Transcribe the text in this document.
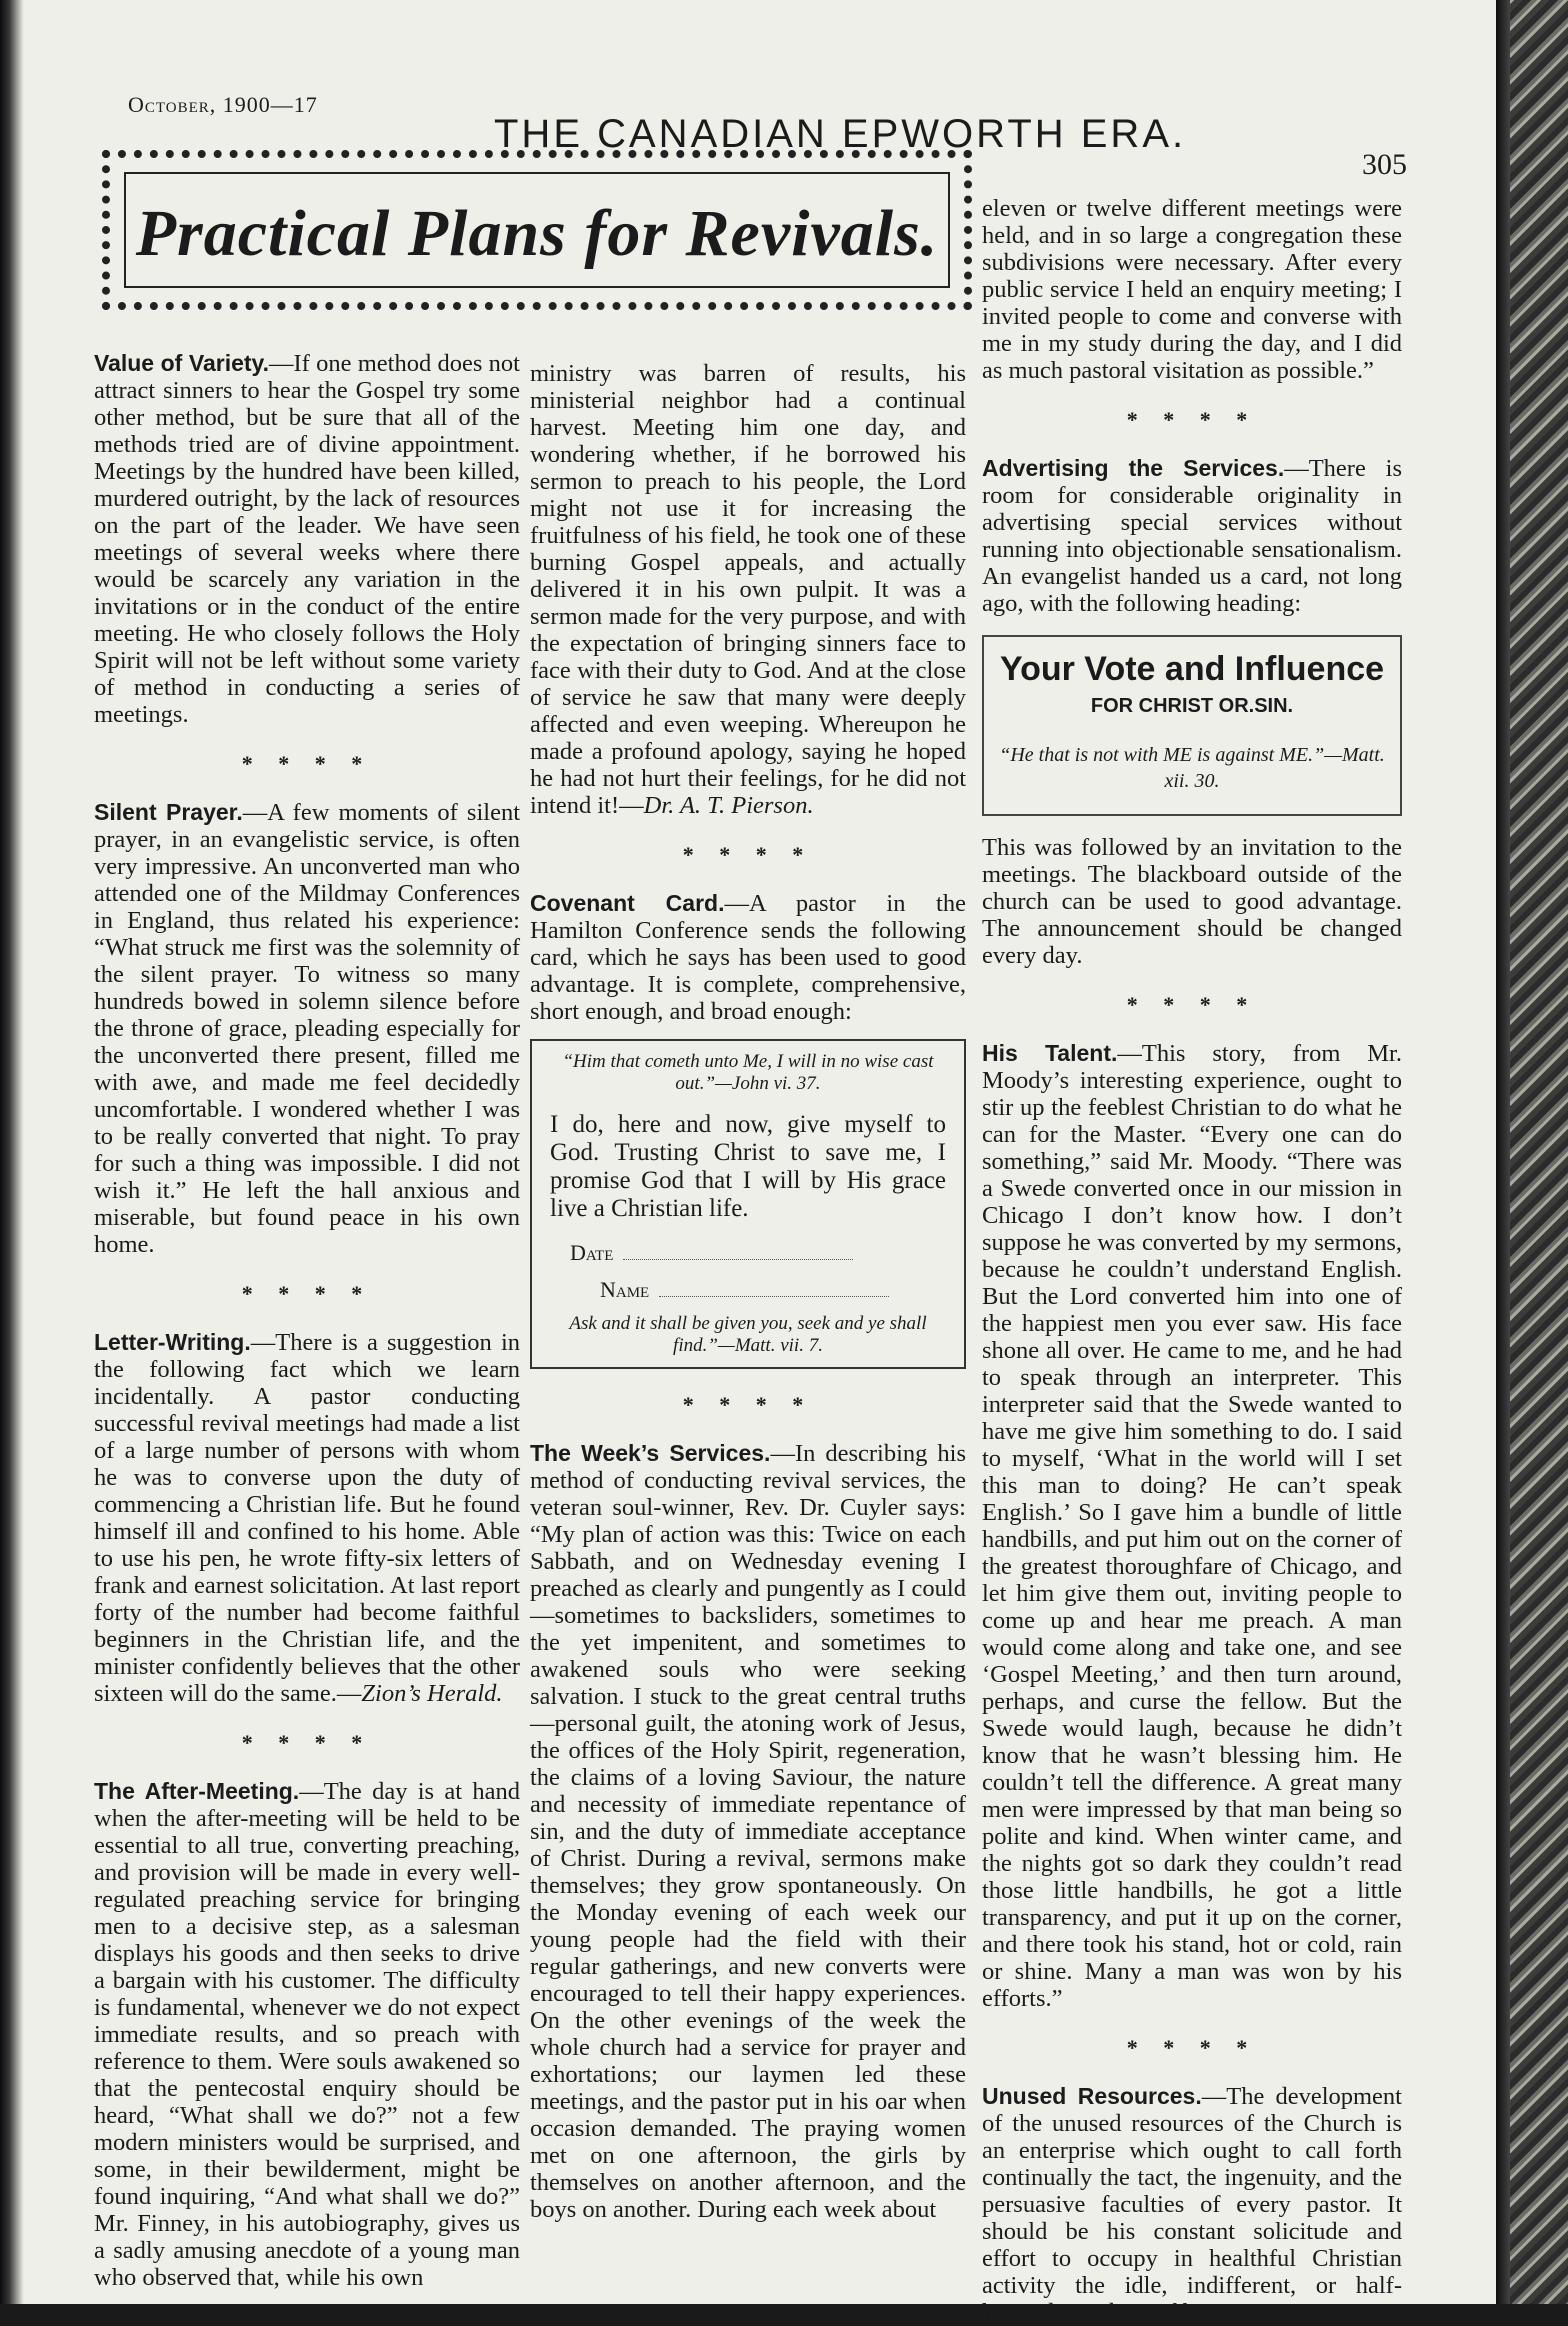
October, 1900—17
THE CANADIAN EPWORTH ERA.
305
Practical Plans for Revivals.

Value of Variety.—If one method does not attract sinners to hear the Gospel try some other method, but be sure that all of the methods tried are of divine appointment. Meetings by the hundred have been killed, murdered outright, by the lack of resources on the part of the leader. We have seen meetings of several weeks where there would be scarcely any variation in the invitations or in the conduct of the entire meeting. He who closely follows the Holy Spirit will not be left without some variety of method in conducting a series of meetings.

* * * *

Silent Prayer.—A few moments of silent prayer, in an evangelistic service, is often very impressive. An unconverted man who attended one of the Mildmay Conferences in England, thus related his experience: “What struck me first was the solemnity of the silent prayer. To witness so many hundreds bowed in solemn silence before the throne of grace, pleading especially for the unconverted there present, filled me with awe, and made me feel decidedly uncomfortable. I wondered whether I was to be really converted that night. To pray for such a thing was impossible. I did not wish it.” He left the hall anxious and miserable, but found peace in his own home.

* * * *

Letter-Writing.—There is a suggestion in the following fact which we learn incidentally. A pastor conducting successful revival meetings had made a list of a large number of persons with whom he was to converse upon the duty of commencing a Christian life. But he found himself ill and confined to his home. Able to use his pen, he wrote fifty-six letters of frank and earnest solicitation. At last report forty of the number had become faithful beginners in the Christian life, and the minister confidently believes that the other sixteen will do the same.—Zion’s Herald.

* * * *

The After-Meeting.—The day is at hand when the after-meeting will be held to be essential to all true, converting preaching, and provision will be made in every well-regulated preaching service for bringing men to a decisive step, as a salesman displays his goods and then seeks to drive a bargain with his customer. The difficulty is fundamental, whenever we do not expect immediate results, and so preach with reference to them. Were souls awakened so that the pentecostal enquiry should be heard, “What shall we do?” not a few modern ministers would be surprised, and some, in their bewilderment, might be found inquiring, “And what shall we do?” Mr. Finney, in his autobiography, gives us a sadly amusing anecdote of a young man who observed that, while his own

ministry was barren of results, his ministerial neighbor had a continual harvest. Meeting him one day, and wondering whether, if he borrowed his sermon to preach to his people, the Lord might not use it for increasing the fruitfulness of his field, he took one of these burning Gospel appeals, and actually delivered it in his own pulpit. It was a sermon made for the very purpose, and with the expectation of bringing sinners face to face with their duty to God. And at the close of service he saw that many were deeply affected and even weeping. Whereupon he made a profound apology, saying he hoped he had not hurt their feelings, for he did not intend it!—Dr. A. T. Pierson.

* * * *

Covenant Card.—A pastor in the Hamilton Conference sends the following card, which he says has been used to good advantage. It is complete, comprehensive, short enough, and broad enough:

“Him that cometh unto Me, I will in no wise cast out.”—John vi. 37.
I do, here and now, give myself to God. Trusting Christ to save me, I promise God that I will by His grace live a Christian life.
Date
Name
Ask and it shall be given you, seek and ye shall find.”—Matt. vii. 7.
* * * *

The Week’s Services.—In describing his method of conducting revival services, the veteran soul-winner, Rev. Dr. Cuyler says: “My plan of action was this: Twice on each Sabbath, and on Wednesday evening I preached as clearly and pungently as I could—sometimes to backsliders, sometimes to the yet impenitent, and sometimes to awakened souls who were seeking salvation. I stuck to the great central truths—personal guilt, the atoning work of Jesus, the offices of the Holy Spirit, regeneration, the claims of a loving Saviour, the nature and necessity of immediate repentance of sin, and the duty of immediate acceptance of Christ. During a revival, sermons make themselves; they grow spontaneously. On the Monday evening of each week our young people had the field with their regular gatherings, and new converts were encouraged to tell their happy experiences. On the other evenings of the week the whole church had a service for prayer and exhortations; our laymen led these meetings, and the pastor put in his oar when occasion demanded. The praying women met on one afternoon, the girls by themselves on another afternoon, and the boys on another. During each week about

eleven or twelve different meetings were held, and in so large a congregation these subdivisions were necessary. After every public service I held an enquiry meeting; I invited people to come and converse with me in my study during the day, and I did as much pastoral visitation as possible.”

* * * *

Advertising the Services.—There is room for considerable originality in advertising special services without running into objectionable sensationalism. An evangelist handed us a card, not long ago, with the following heading:

Your Vote and Influence
FOR CHRIST OR.SIN.
“He that is not with ME is against ME.”—Matt. xii. 30.

This was followed by an invitation to the meetings. The blackboard outside of the church can be used to good advantage. The announcement should be changed every day.

* * * *

His Talent.—This story, from Mr. Moody’s interesting experience, ought to stir up the feeblest Christian to do what he can for the Master. “Every one can do something,” said Mr. Moody. “There was a Swede converted once in our mission in Chicago I don’t know how. I don’t suppose he was converted by my sermons, because he couldn’t understand English. But the Lord converted him into one of the happiest men you ever saw. His face shone all over. He came to me, and he had to speak through an interpreter. This interpreter said that the Swede wanted to have me give him something to do. I said to myself, ‘What in the world will I set this man to doing? He can’t speak English.’ So I gave him a bundle of little handbills, and put him out on the corner of the greatest thoroughfare of Chicago, and let him give them out, inviting people to come up and hear me preach. A man would come along and take one, and see ‘Gospel Meeting,’ and then turn around, perhaps, and curse the fellow. But the Swede would laugh, because he didn’t know that he wasn’t blessing him. He couldn’t tell the difference. A great many men were impressed by that man being so polite and kind. When winter came, and the nights got so dark they couldn’t read those little handbills, he got a little transparency, and put it up on the corner, and there took his stand, hot or cold, rain or shine. Many a man was won by his efforts.”

* * * *

Unused Resources.—The development of the unused resources of the Church is an enterprise which ought to call forth continually the tact, the ingenuity, and the persuasive faculties of every pastor. It should be his constant solicitude and effort to occupy in healthful Christian activity the idle, indifferent, or half-hearted members of his congregation.
